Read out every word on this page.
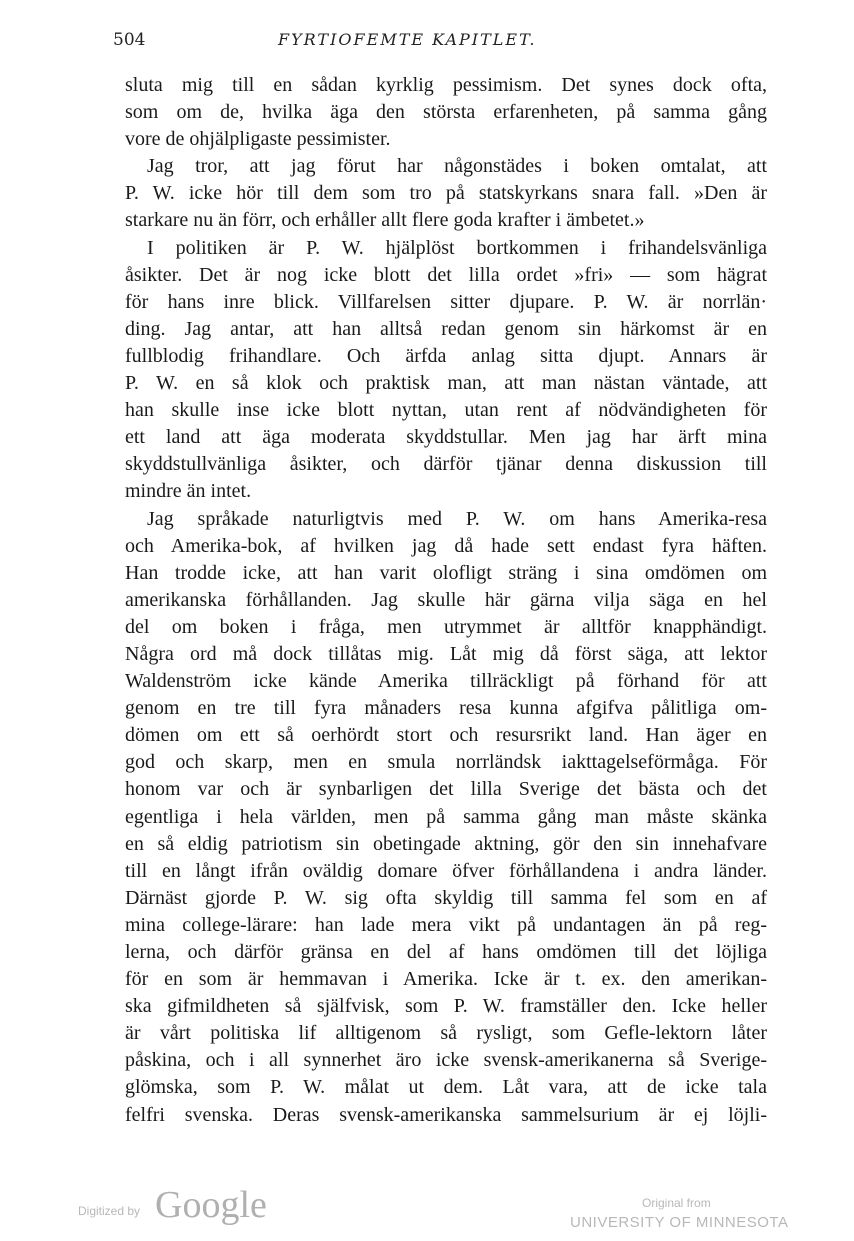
504	FYRTIOFEMTE KAPITLET.
sluta mig till en sådan kyrklig pessimism. Det synes dock ofta,
som om de, hvilka äga den största erfarenheten, på samma gång
vore de ohjälpligaste pessimister.
Jag tror, att jag förut har någonstädes i boken omtalat, att
P. W. icke hör till dem som tro på statskyrkans snara fall. »Den är
starkare nu än förr, och erhåller allt flere goda krafter i ämbetet.»
I politiken är P. W. hjälplöst bortkommen i frihandelsvänliga
åsikter. Det är nog icke blott det lilla ordet »fri» — som hägrat
för hans inre blick. Villfarelsen sitter djupare. P. W. är norrlän·
ding. Jag antar, att han alltså redan genom sin härkomst är en
fullblodig frihandlare. Och ärfda anlag sitta djupt. Annars är
P. W. en så klok och praktisk man, att man nästan väntade, att
han skulle inse icke blott nyttan, utan rent af nödvändigheten för
ett land att äga moderata skyddstullar. Men jag har ärft mina
skyddstullvänliga åsikter, och därför tjänar denna diskussion till
mindre än intet.
Jag språkade naturligtvis med P. W. om hans Amerika-resa
och Amerika-bok, af hvilken jag då hade sett endast fyra häften.
Han trodde icke, att han varit olofligt sträng i sina omdömen om
amerikanska förhållanden. Jag skulle här gärna vilja säga en hel
del om boken i fråga, men utrymmet är alltför knapphändigt.
Några ord må dock tillåtas mig. Låt mig då först säga, att lektor
Waldenström icke kände Amerika tillräckligt på förhand för att
genom en tre till fyra månaders resa kunna afgifva pålitliga om-
dömen om ett så oerhördt stort och resursrikt land. Han äger en
god och skarp, men en smula norrländsk iakttagelseförmåga. För
honom var och är synbarligen det lilla Sverige det bästa och det
egentliga i hela världen, men på samma gång man måste skänka
en så eldig patriotism sin obetingade aktning, gör den sin innehafvare
till en långt ifrån oväldig domare öfver förhållandena i andra länder.
Därnäst gjorde P. W. sig ofta skyldig till samma fel som en af
mina college-lärare: han lade mera vikt på undantagen än på reg-
lerna, och därför gränsa en del af hans omdömen till det löjliga
för en som är hemmavan i Amerika. Icke är t. ex. den amerikan-
ska gifmildheten så själfvisk, som P. W. framställer den. Icke heller
är vårt politiska lif alltigenom så rysligt, som Gefle-lektorn låter
påskina, och i all synnerhet äro icke svensk-amerikanerna så Sverige-
glömska, som P. W. målat ut dem. Låt vara, att de icke tala
felfri svenska. Deras svensk-amerikanska sammelsurium är ej löjli-
Digitized by Google	Original from
UNIVERSITY OF MINNESOTA
